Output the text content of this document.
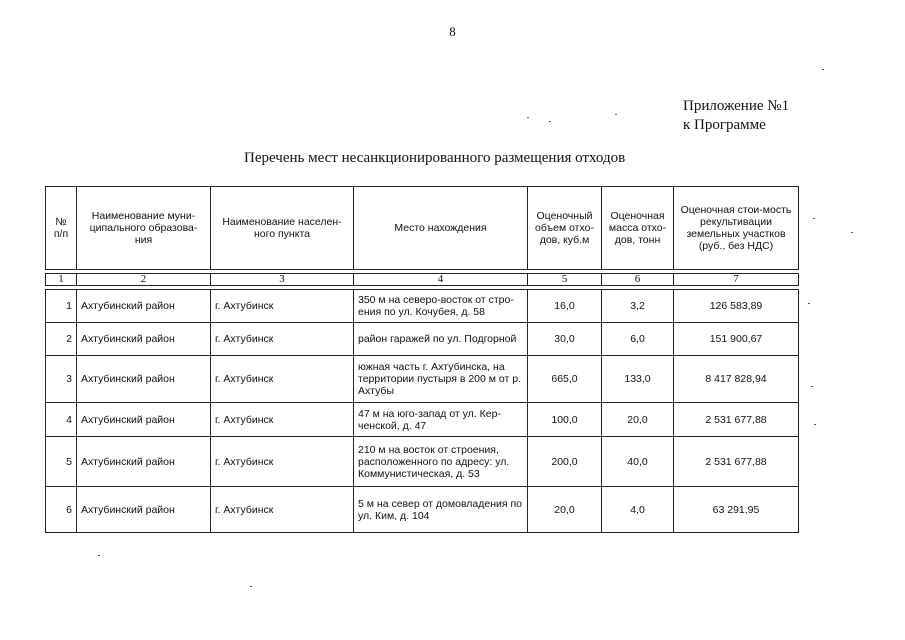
8
Приложение №1
к Программе
Перечень мест несанкционированного размещения отходов
№ п/п	Наименование муни-ципального образова-ния	Наименование населен-ного пункта	Место нахождения	Оценочный объем отхо-дов, куб.м	Оценочная масса отхо-дов, тонн	Оценочная стои-мость рекультивации земельных участков (руб., без НДС)

1	2	3	4	5	6	7

1	Ахтубинский район	г. Ахтубинск	350 м на северо-восток от стро-ения по ул. Кочубея, д. 58	16,0	3,2	126 583,89
2	Ахтубинский район	г. Ахтубинск	район гаражей по ул. Подгорной	30,0	6,0	151 900,67
3	Ахтубинский район	г. Ахтубинск	южная часть г. Ахтубинска, на территории пустыря в 200 м от р. Ахтубы	665,0	133,0	8 417 828,94
4	Ахтубинский район	г. Ахтубинск	47 м на юго-запад от ул. Кер-ченской, д. 47	100,0	20,0	2 531 677,88
5	Ахтубинский район	г. Ахтубинск	210 м на восток от строения, расположенного по адресу: ул. Коммунистическая, д. 53	200,0	40,0	2 531 677,88
6	Ахтубинский район	г. Ахтубинск	5 м на север от домовладения по ул. Ким, д. 104	20,0	4,0	63 291,95
